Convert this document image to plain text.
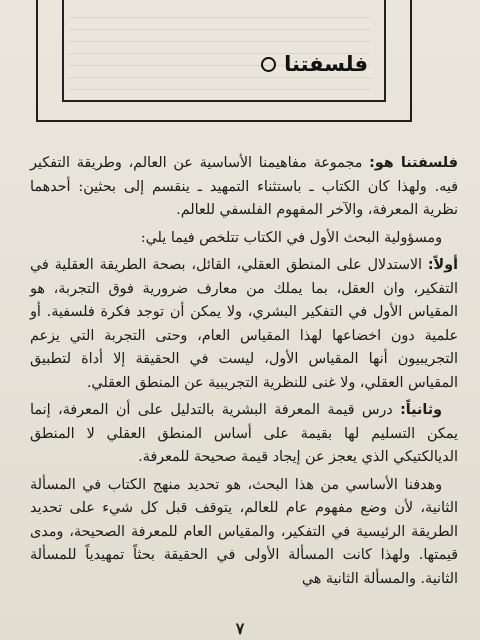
فلسفتنا

فلسفتنا هو: مجموعة مفاهيمنا الأساسية عن العالم، وطريقة التفكير فيه. ولهذا كان الكتاب ـ باستثناء التمهيد ـ ينقسم إلى بحثين: أحدهما نظرية المعرفة، والآخر المفهوم الفلسفي للعالم.

ومسؤولية البحث الأول في الكتاب تتلخص فيما يلي:

أولاً: الاستدلال على المنطق العقلي، القائل، بصحة الطريقة العقلية في التفكير، وان العقل، بما يملك من معارف ضرورية فوق التجربة، هو المقياس الأول في التفكير البشري، ولا يمكن أن توجد فكرة فلسفية. أو علمية دون اخضاعها لهذا المقياس العام، وحتى التجربة التي يزعم التجريبيون أنها المقياس الأول، ليست في الحقيقة إلا أداة لتطبيق المقياس العقلي، ولا غنى للنظرية التجريبية عن المنطق العقلي.

وثانياً: درس قيمة المعرفة البشرية بالتدليل على أن المعرفة، إنما يمكن التسليم لها بقيمة على أساس المنطق العقلي لا المنطق الديالكتيكي الذي يعجز عن إيجاد قيمة صحيحة للمعرفة.

وهدفنا الأساسي من هذا البحث، هو تحديد منهج الكتاب في المسألة الثانية، لأن وضع مفهوم عام للعالم، يتوقف قبل كل شيء على تحديد الطريقة الرئيسية في التفكير، والمقياس العام للمعرفة الصحيحة، ومدى قيمتها. ولهذا كانت المسألة الأولى في الحقيقة بحثاً تمهيدياً للمسألة الثانية. والمسألة الثانية هي

٧
